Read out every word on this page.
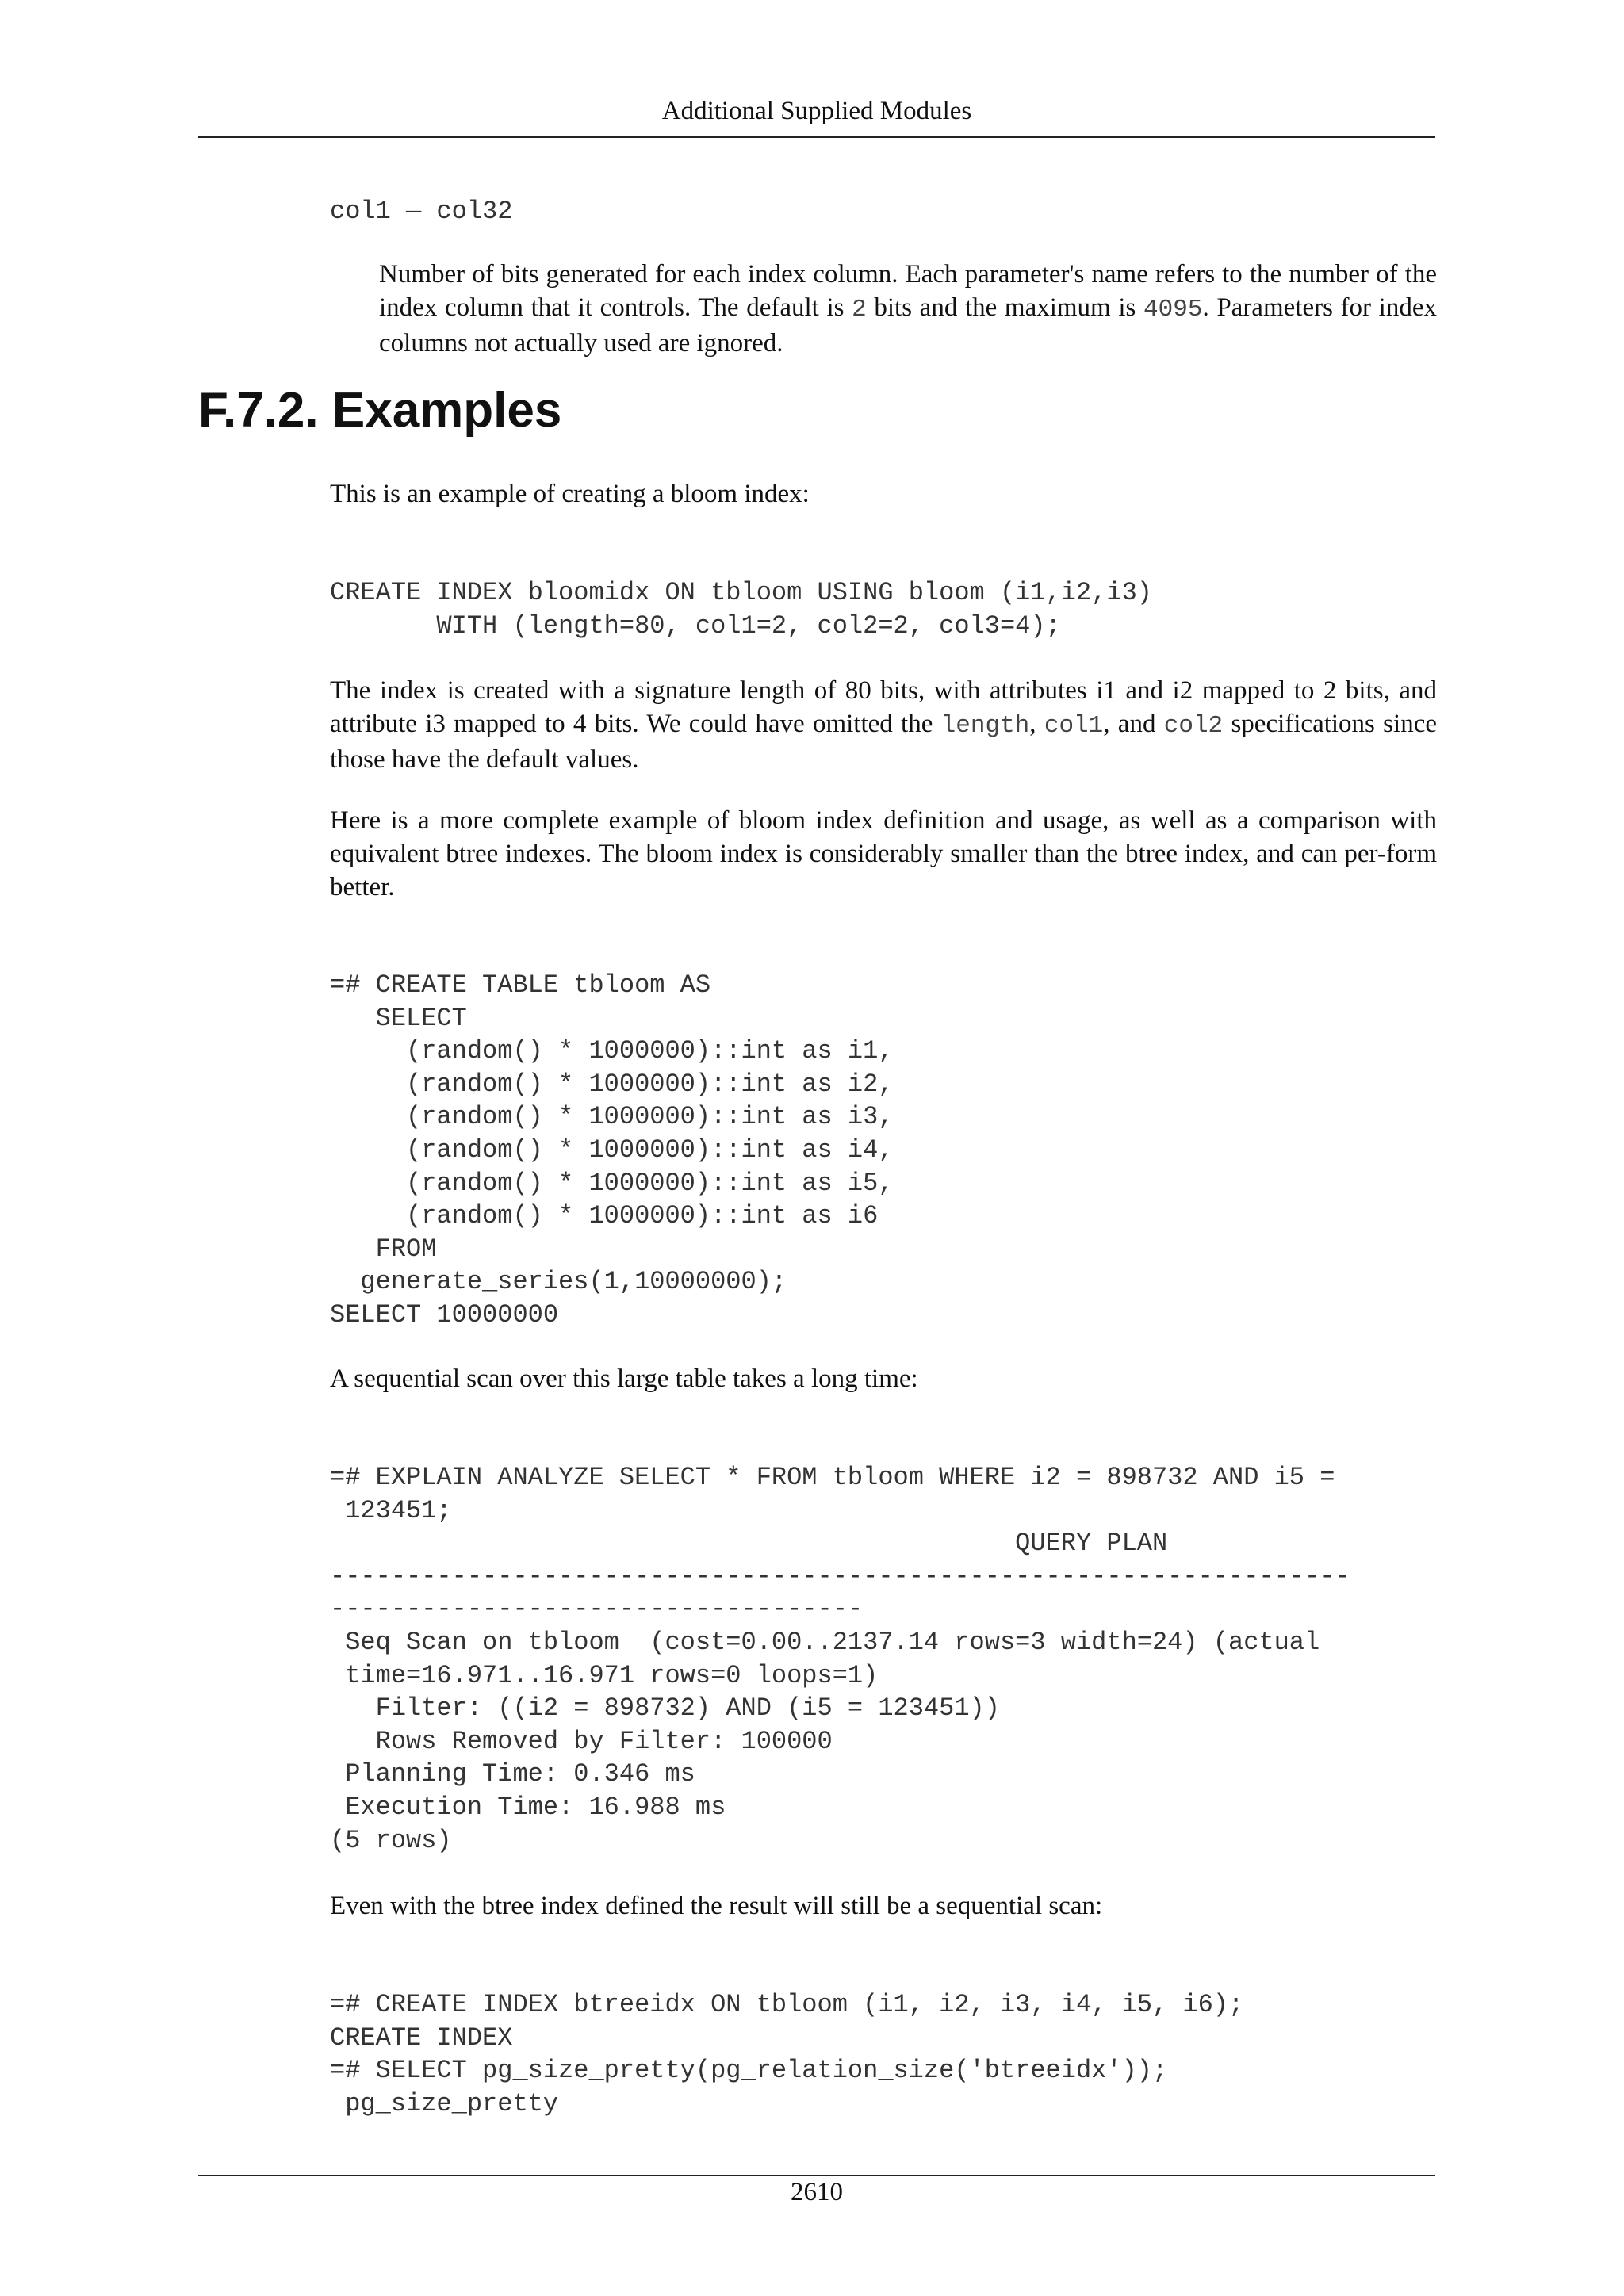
Additional Supplied Modules
col1 — col32
Number of bits generated for each index column. Each parameter's name refers to the number of the index column that it controls. The default is 2 bits and the maximum is 4095. Parameters for index columns not actually used are ignored.
F.7.2. Examples

This is an example of creating a bloom index:

CREATE INDEX bloomidx ON tbloom USING bloom (i1,i2,i3)
WITH (length=80, col1=2, col2=2, col3=4);

The index is created with a signature length of 80 bits, with attributes i1 and i2 mapped to 2 bits, and attribute i3 mapped to 4 bits. We could have omitted the length, col1, and col2 specifications since those have the default values.

Here is a more complete example of bloom index definition and usage, as well as a comparison with equivalent btree indexes. The bloom index is considerably smaller than the btree index, and can per-form better.

=# CREATE TABLE tbloom AS
SELECT
(random() * 1000000)::int as i1,
(random() * 1000000)::int as i2,
(random() * 1000000)::int as i3,
(random() * 1000000)::int as i4,
(random() * 1000000)::int as i5,
(random() * 1000000)::int as i6
FROM
generate_series(1,10000000);
SELECT 10000000

A sequential scan over this large table takes a long time:

=# EXPLAIN ANALYZE SELECT * FROM tbloom WHERE i2 = 898732 AND i5 =
123451;
QUERY PLAN
-------------------------------------------------------------------
-----------------------------------
Seq Scan on tbloom  (cost=0.00..2137.14 rows=3 width=24) (actual
time=16.971..16.971 rows=0 loops=1)
Filter: ((i2 = 898732) AND (i5 = 123451))
Rows Removed by Filter: 100000
Planning Time: 0.346 ms
Execution Time: 16.988 ms
(5 rows)

Even with the btree index defined the result will still be a sequential scan:

=# CREATE INDEX btreeidx ON tbloom (i1, i2, i3, i4, i5, i6);
CREATE INDEX
=# SELECT pg_size_pretty(pg_relation_size('btreeidx'));
pg_size_pretty
2610
